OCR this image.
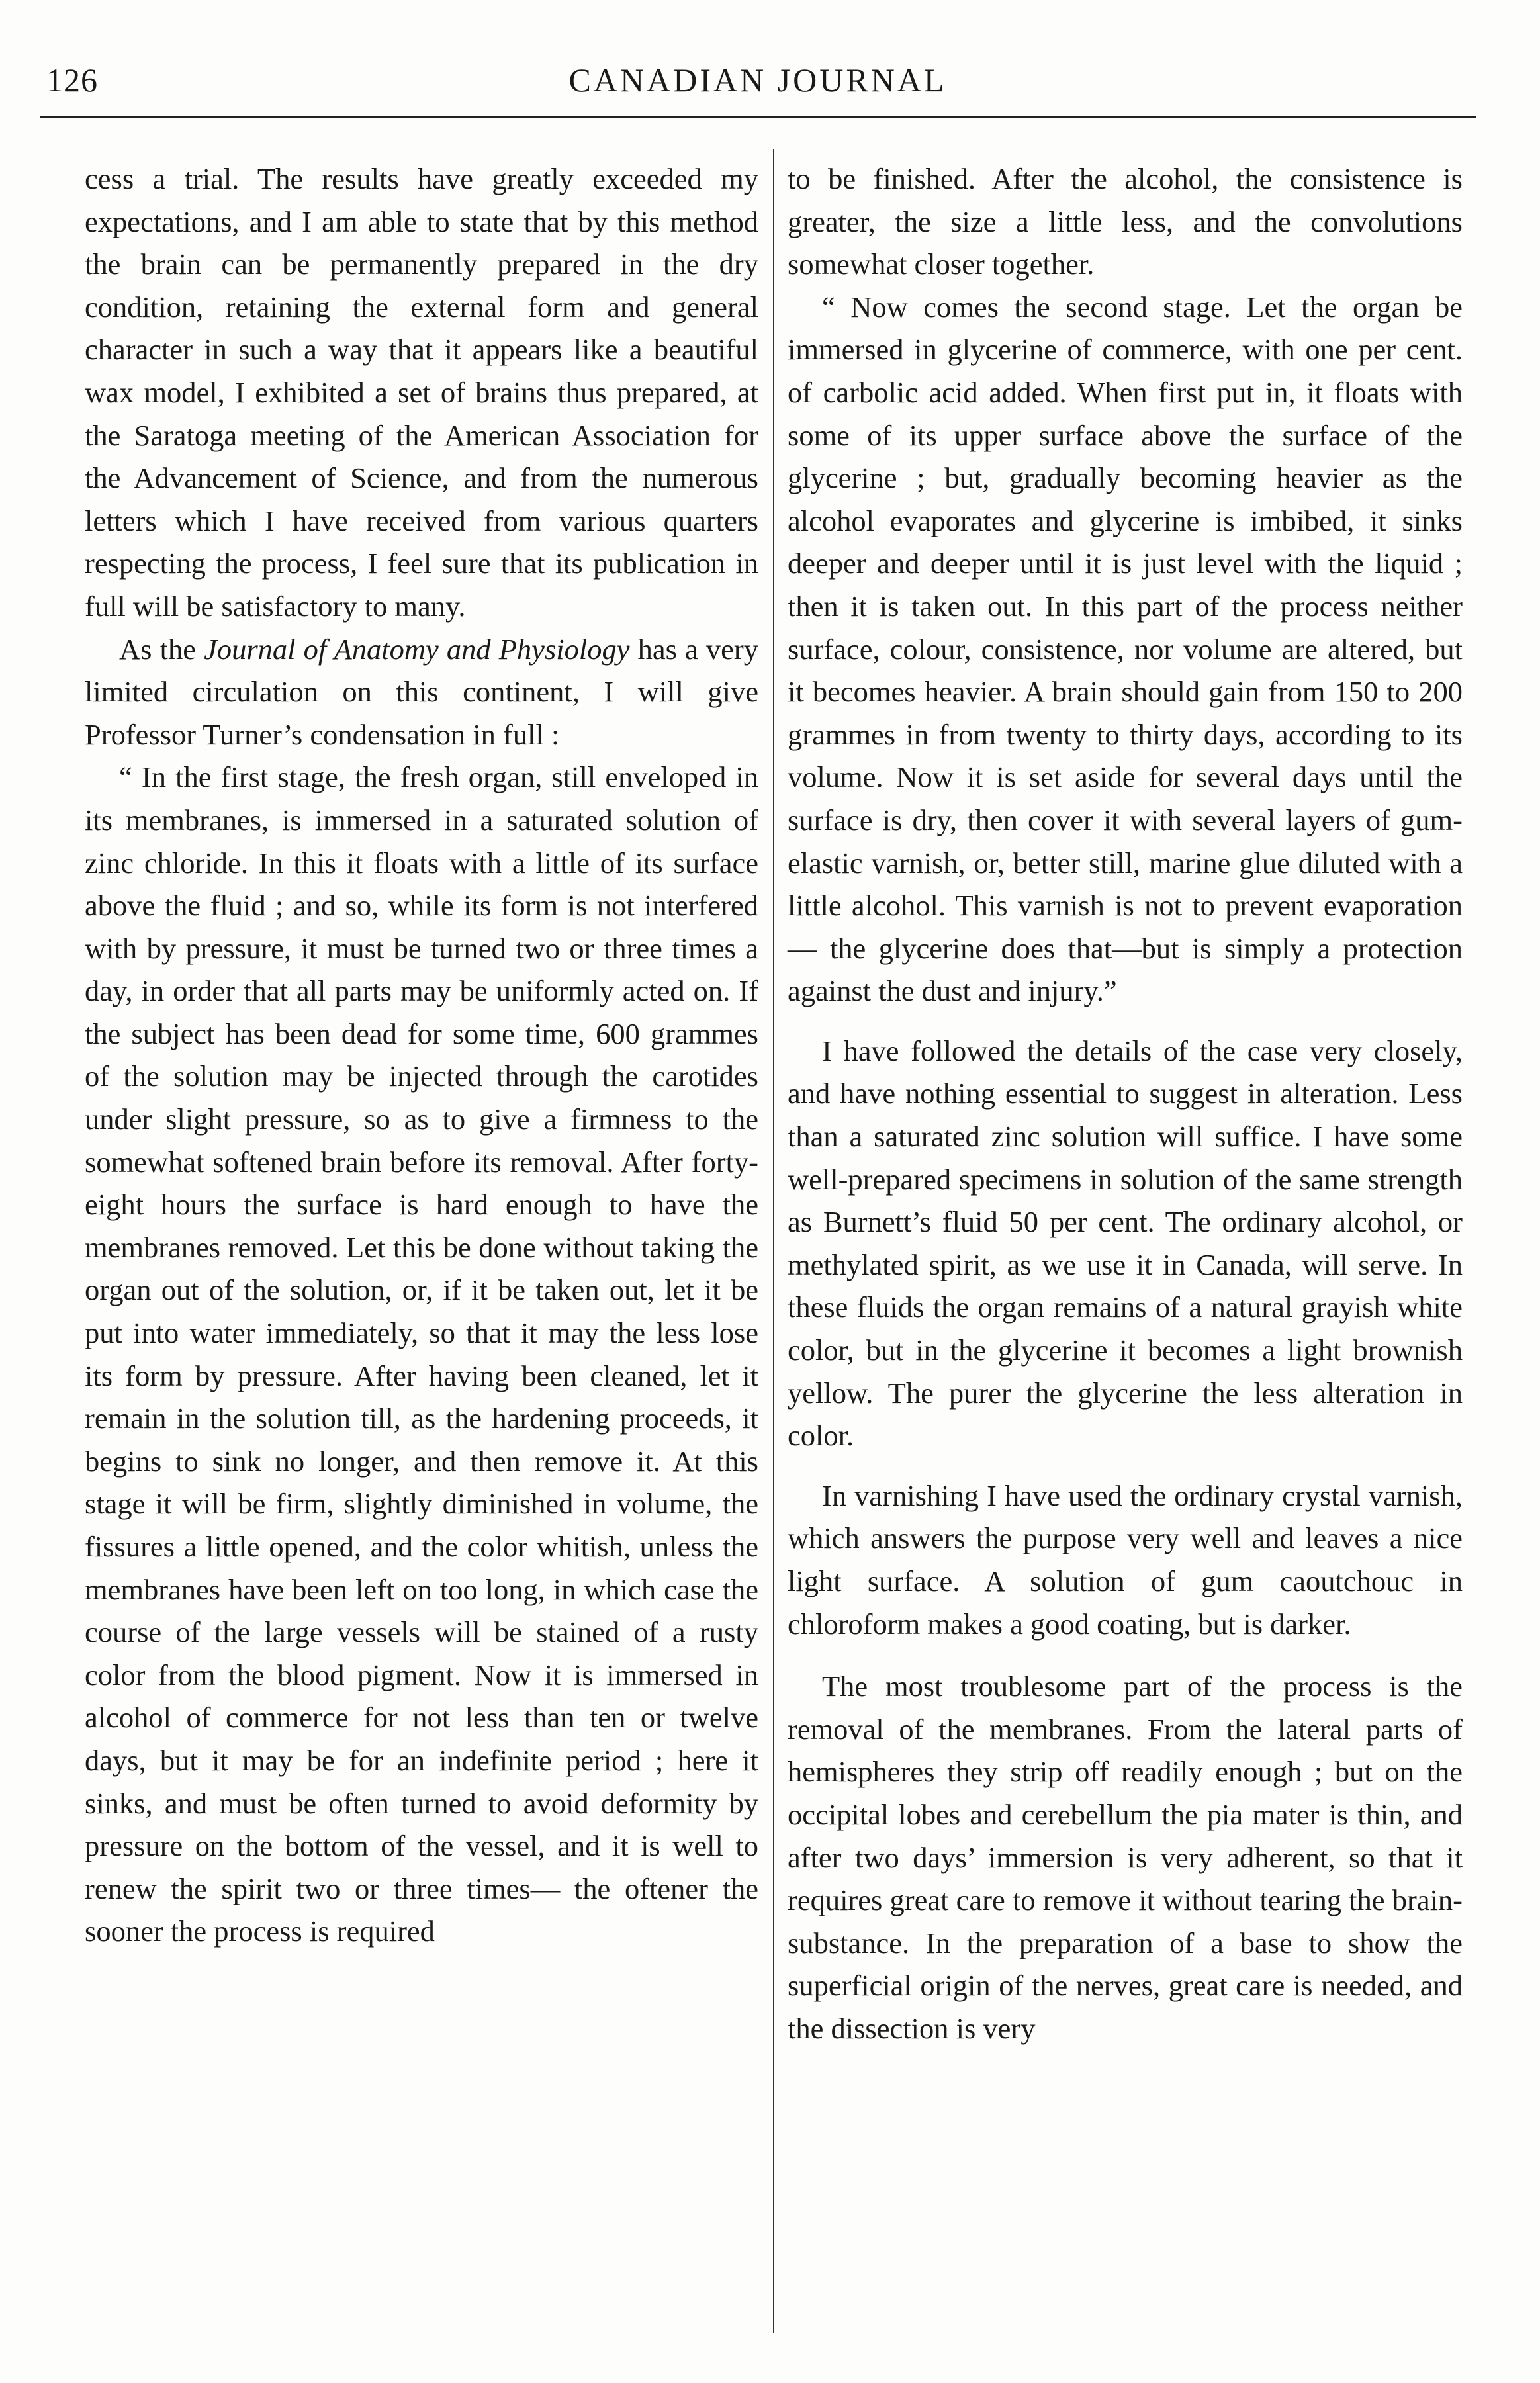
126	CANADIAN JOURNAL

cess a trial. The results have greatly exceeded my expectations, and I am able to state that by this method the brain can be permanently prepared in the dry condition, retaining the external form and general character in such a way that it appears like a beautiful wax model, I exhibited a set of brains thus prepared, at the Saratoga meeting of the American Association for the Advancement of Science, and from the numerous letters which I have received from various quarters respecting the process, I feel sure that its publication in full will be satisfactory to many.

As the Journal of Anatomy and Physiology has a very limited circulation on this continent, I will give Professor Turner’s condensation in full :

“ In the first stage, the fresh organ, still enveloped in its membranes, is immersed in a saturated solution of zinc chloride. In this it floats with a little of its surface above the fluid ; and so, while its form is not interfered with by pressure, it must be turned two or three times a day, in order that all parts may be uniformly acted on. If the subject has been dead for some time, 600 grammes of the solution may be injected through the carotides under slight pressure, so as to give a firmness to the somewhat softened brain before its removal. After forty-eight hours the surface is hard enough to have the membranes removed. Let this be done without taking the organ out of the solution, or, if it be taken out, let it be put into water immediately, so that it may the less lose its form by pressure. After having been cleaned, let it remain in the solution till, as the hardening proceeds, it begins to sink no longer, and then remove it. At this stage it will be firm, slightly diminished in volume, the fissures a little opened, and the color whitish, unless the membranes have been left on too long, in which case the course of the large vessels will be stained of a rusty color from the blood pigment. Now it is immersed in alcohol of commerce for not less than ten or twelve days, but it may be for an indefinite period ; here it sinks, and must be often turned to avoid deformity by pressure on the bottom of the vessel, and it is well to renew the spirit two or three times— the oftener the sooner the process is required

to be finished. After the alcohol, the consistence is greater, the size a little less, and the convolutions somewhat closer together.

“ Now comes the second stage. Let the organ be immersed in glycerine of commerce, with one per cent. of carbolic acid added. When first put in, it floats with some of its upper surface above the surface of the glycerine ; but, gradually becoming heavier as the alcohol evaporates and glycerine is imbibed, it sinks deeper and deeper until it is just level with the liquid ; then it is taken out. In this part of the process neither surface, colour, consistence, nor volume are altered, but it becomes heavier. A brain should gain from 150 to 200 grammes in from twenty to thirty days, according to its volume. Now it is set aside for several days until the surface is dry, then cover it with several layers of gum-elastic varnish, or, better still, marine glue diluted with a little alcohol. This varnish is not to prevent evaporation— the glycerine does that—but is simply a protection against the dust and injury.”

I have followed the details of the case very closely, and have nothing essential to suggest in alteration. Less than a saturated zinc solution will suffice. I have some well-prepared specimens in solution of the same strength as Burnett’s fluid 50 per cent. The ordinary alcohol, or methylated spirit, as we use it in Canada, will serve. In these fluids the organ remains of a natural grayish white color, but in the glycerine it becomes a light brownish yellow. The purer the glycerine the less alteration in color.

In varnishing I have used the ordinary crystal varnish, which answers the purpose very well and leaves a nice light surface. A solution of gum caoutchouc in chloroform makes a good coating, but is darker.

The most troublesome part of the process is the removal of the membranes. From the lateral parts of hemispheres they strip off readily enough ; but on the occipital lobes and cerebellum the pia mater is thin, and after two days’ immersion is very adherent, so that it requires great care to remove it without tearing the brain-substance. In the preparation of a base to show the superficial origin of the nerves, great care is needed, and the dissection is very
